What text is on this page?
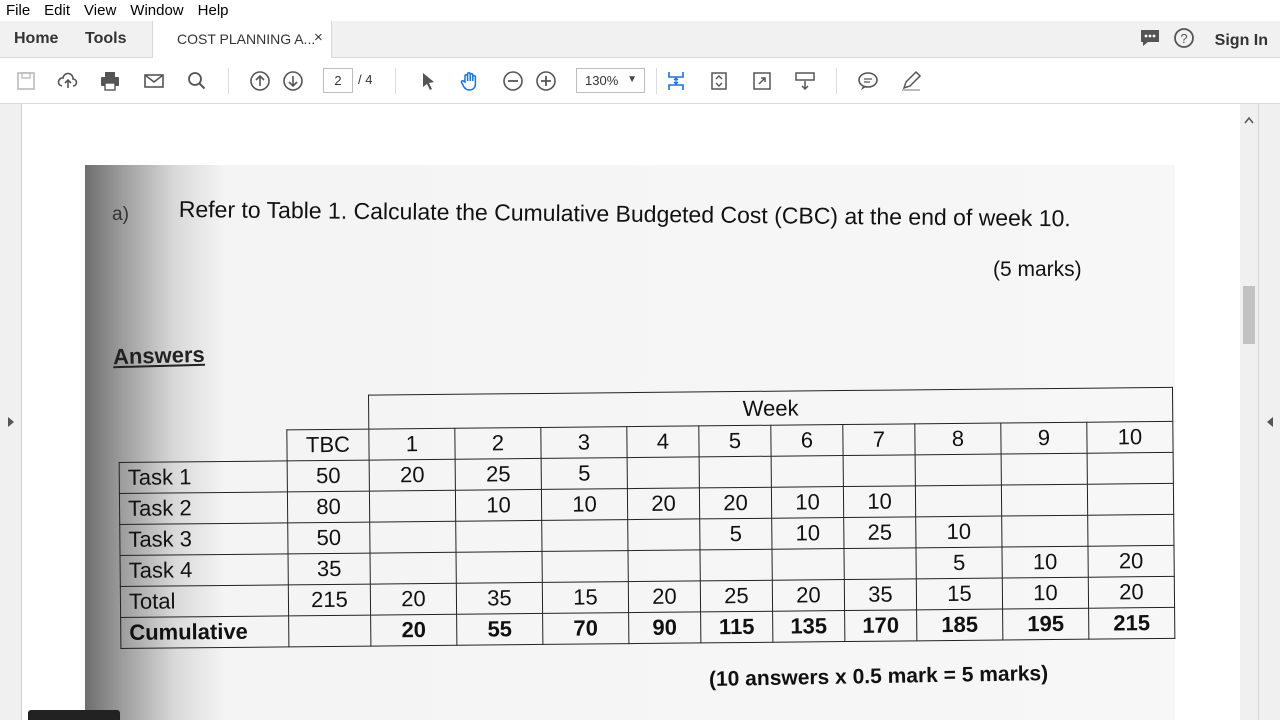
File Edit View Window Help
Home Tools	COST PLANNING A...
×	? Sign In
2	/ 4	130% ▼
a) Refer to Table 1. Calculate the Cumulative Budgeted Cost (CBC) at the end of week 10.
(5 marks)
Answers
		Week									
	TBC	1	2	3	4	5	6	7	8	9	10
Task 1	50	20	25	5							
Task 2	80		10	10	20	20	10	10			
Task 3	50					5	10	25	10		
Task 4	35								5	10	20
Total	215	20	35	15	20	25	20	35	15	10	20
Cumulative		20	55	70	90	115	135	170	185	195	215
(10 answers x 0.5 mark = 5 marks)
